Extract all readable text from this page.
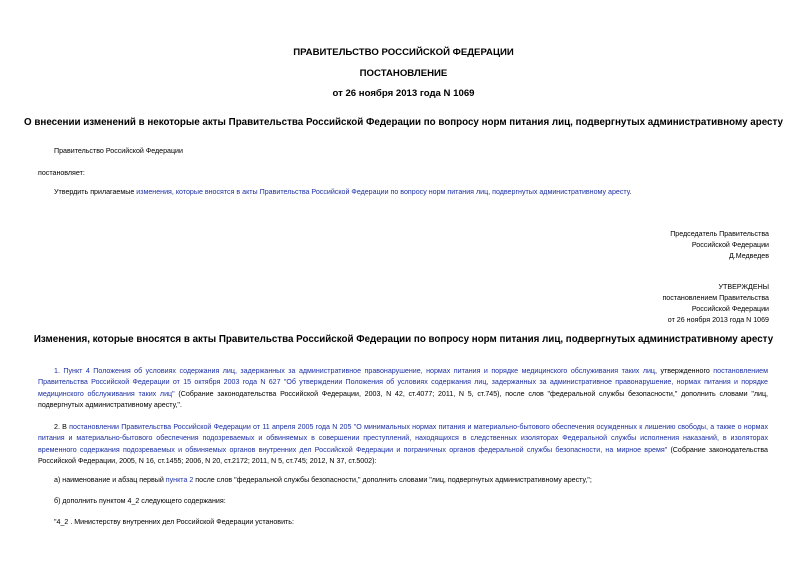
ПРАВИТЕЛЬСТВО РОССИЙСКОЙ ФЕДЕРАЦИИ
ПОСТАНОВЛЕНИЕ
от 26 ноября 2013 года N 1069
О внесении изменений в некоторые акты Правительства Российской Федерации по вопросу норм питания лиц, подвергнутых административному аресту
Правительство Российской Федерации
постановляет:
Утвердить прилагаемые изменения, которые вносятся в акты Правительства Российской Федерации по вопросу норм питания лиц, подвергнутых административному аресту.
Председатель Правительства
Российской Федерации
Д.Медведев
УТВЕРЖДЕНЫ
постановлением Правительства
Российской Федерации
от 26 ноября 2013 года N 1069
Изменения, которые вносятся в акты Правительства Российской Федерации по вопросу норм питания лиц, подвергнутых административному аресту
1. Пункт 4 Положения об условиях содержания лиц, задержанных за административное правонарушение, нормах питания и порядке медицинского обслуживания таких лиц, утвержденного постановлением Правительства Российской Федерации от 15 октября 2003 года N 627 "Об утверждении Положения об условиях содержания лиц, задержанных за административное правонарушение, нормах питания и порядке медицинского обслуживания таких лиц" (Собрание законодательства Российской Федерации, 2003, N 42, ст.4077; 2011, N 5, ст.745), после слов "федеральной службы безопасности," дополнить словами "лиц, подвергнутых административному аресту,".
2. В постановлении Правительства Российской Федерации от 11 апреля 2005 года N 205 "О минимальных нормах питания и материально-бытового обеспечения осужденных к лишению свободы, а также о нормах питания и материально-бытового обеспечения подозреваемых и обвиняемых в совершении преступлений, находящихся в следственных изоляторах Федеральной службы исполнения наказаний, в изоляторах временного содержания подозреваемых и обвиняемых органов внутренних дел Российской Федерации и пограничных органов федеральной службы безопасности, на мирное время" (Собрание законодательства Российской Федерации, 2005, N 16, ст.1455; 2006, N 20, ст.2172; 2011, N 5, ст.745; 2012, N 37, ст.5002):
а) наименование и абзац первый пункта 2 после слов "федеральной службы безопасности," дополнить словами "лиц, подвергнутых административному аресту,";
б) дополнить пунктом 4_2 следующего содержания:
"4_2 . Министерству внутренних дел Российской Федерации установить:
